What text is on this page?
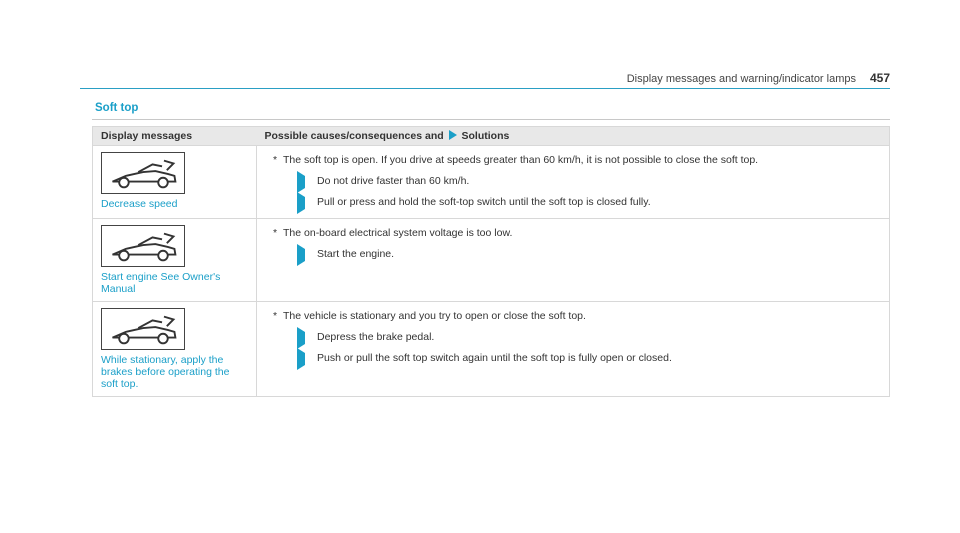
Display messages and warning/indicator lamps 457
Soft top
Display messages	Possible causes/consequences and Solutions

Decrease speed	* The soft top is open. If you drive at speeds greater than 60 km/h, it is not possible to close the soft top.
Do not drive faster than 60 km/h.
Pull or press and hold the soft-top switch until the soft top is closed fully.

Start engine See Owner's Manual	* The on-board electrical system voltage is too low.
Start the engine.

While stationary, apply the brakes before operating the soft top.	* The vehicle is stationary and you try to open or close the soft top.
Depress the brake pedal.
Push or pull the soft top switch again until the soft top is fully open or closed.
